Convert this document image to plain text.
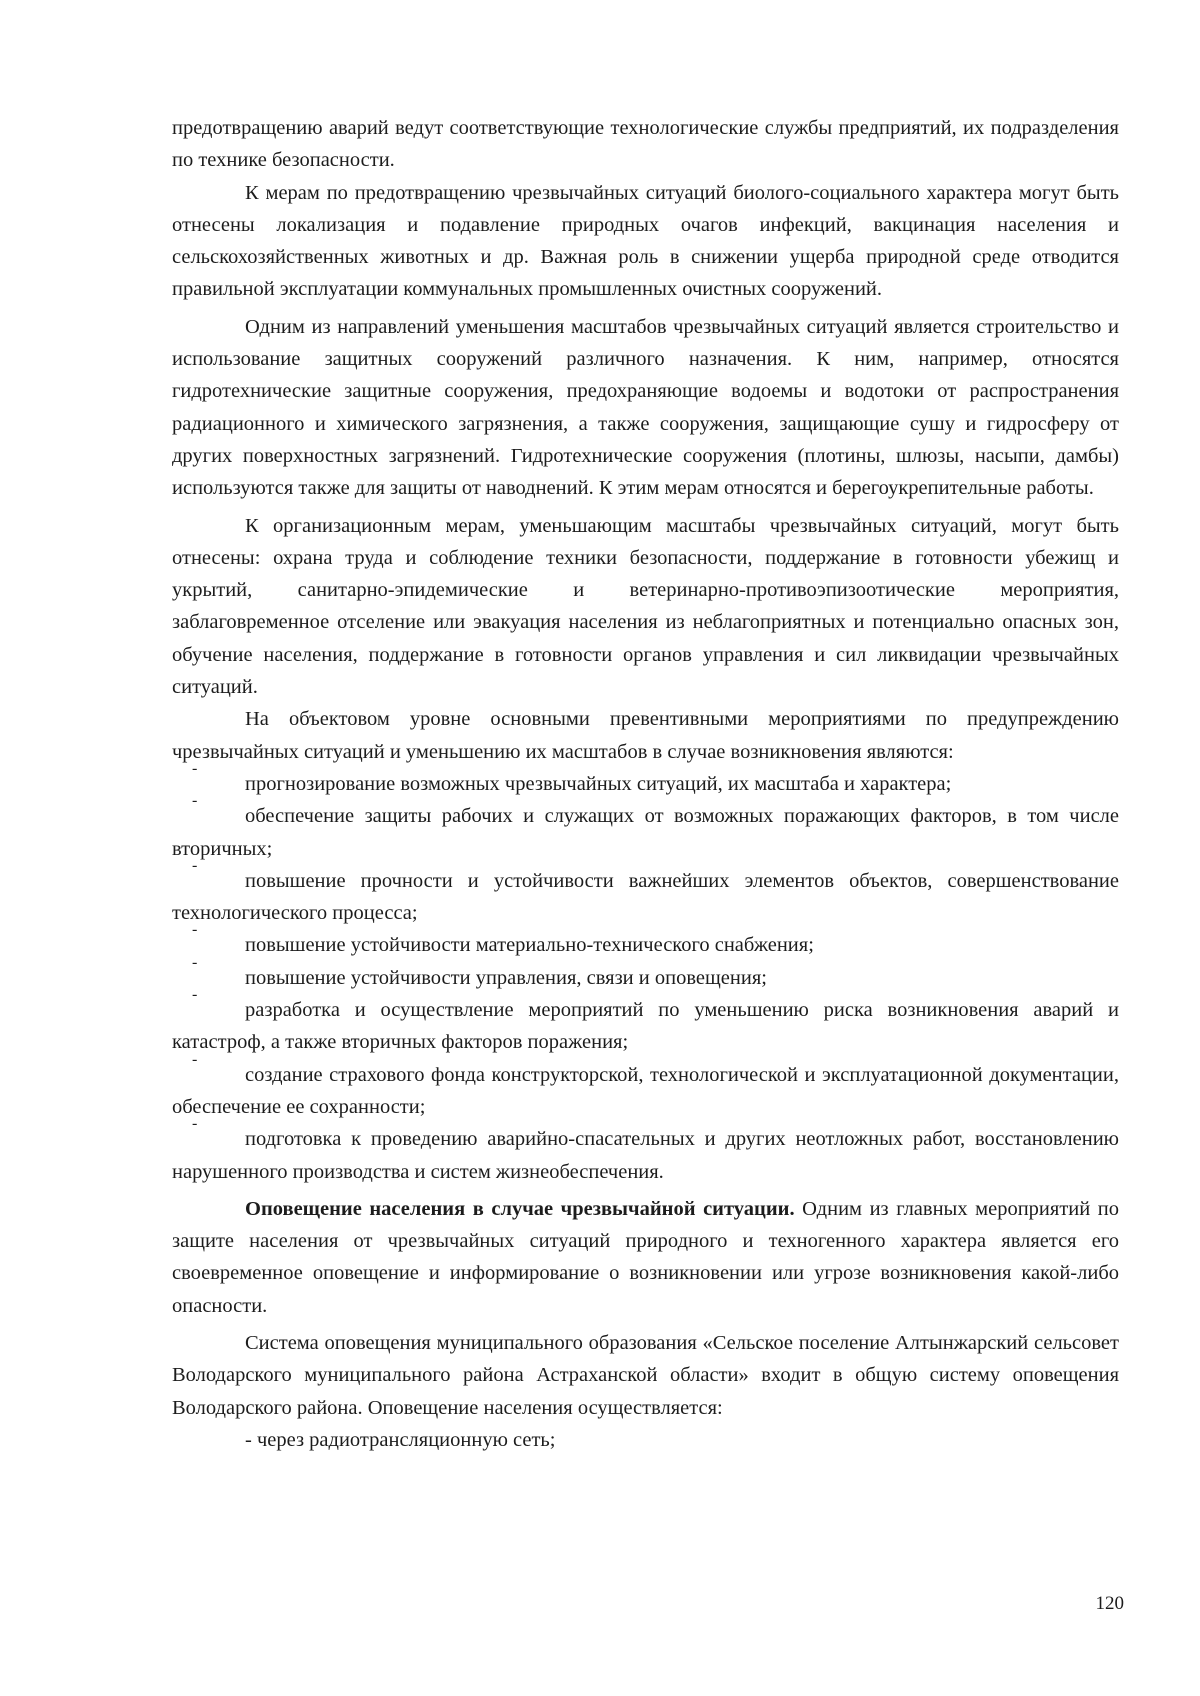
предотвращению аварий ведут соответствующие технологические службы предприятий, их подразделения по технике безопасности.

К мерам по предотвращению чрезвычайных ситуаций биолого-социального характера могут быть отнесены локализация и подавление природных очагов инфекций, вакцинация населения и сельскохозяйственных животных и др. Важная роль в снижении ущерба природной среде отводится правильной эксплуатации коммунальных промышленных очистных сооружений.

Одним из направлений уменьшения масштабов чрезвычайных ситуаций является строительство и использование защитных сооружений различного назначения. К ним, например, относятся гидротехнические защитные сооружения, предохраняющие водоемы и водотоки от распространения радиационного и химического загрязнения, а также сооружения, защищающие сушу и гидросферу от других поверхностных загрязнений. Гидротехнические сооружения (плотины, шлюзы, насыпи, дамбы) используются также для защиты от наводнений. К этим мерам относятся и берегоукрепительные работы.

К организационным мерам, уменьшающим масштабы чрезвычайных ситуаций, могут быть отнесены: охрана труда и соблюдение техники безопасности, поддержание в готовности убежищ и укрытий, санитарно-эпидемические и ветеринарно-противоэпизоотические мероприятия, заблаговременное отселение или эвакуация населения из неблагоприятных и потенциально опасных зон, обучение населения, поддержание в готовности органов управления и сил ликвидации чрезвычайных ситуаций.

На объектовом уровне основными превентивными мероприятиями по предупреждению чрезвычайных ситуаций и уменьшению их масштабов в случае возникновения являются:

-
прогнозирование возможных чрезвычайных ситуаций, их масштаба и характера;

-
обеспечение защиты рабочих и служащих от возможных поражающих факторов, в том числе вторичных;

-
повышение прочности и устойчивости важнейших элементов объектов, совершенствование технологического процесса;

-
повышение устойчивости материально-технического снабжения;

-
повышение устойчивости управления, связи и оповещения;

-
разработка и осуществление мероприятий по уменьшению риска возникновения аварий и катастроф, а также вторичных факторов поражения;

-
создание страхового фонда конструкторской, технологической и эксплуатационной документации, обеспечение ее сохранности;

-
подготовка к проведению аварийно-спасательных и других неотложных работ, восстановлению нарушенного производства и систем жизнеобеспечения.

Оповещение населения в случае чрезвычайной ситуации. Одним из главных мероприятий по защите населения от чрезвычайных ситуаций природного и техногенного характера является его своевременное оповещение и информирование о возникновении или угрозе возникновения какой-либо опасности.

Система оповещения муниципального образования «Сельское поселение Алтынжарский сельсовет Володарского муниципального района Астраханской области» входит в общую систему оповещения Володарского района. Оповещение населения осуществляется:

- через радиотрансляционную сеть;

120
